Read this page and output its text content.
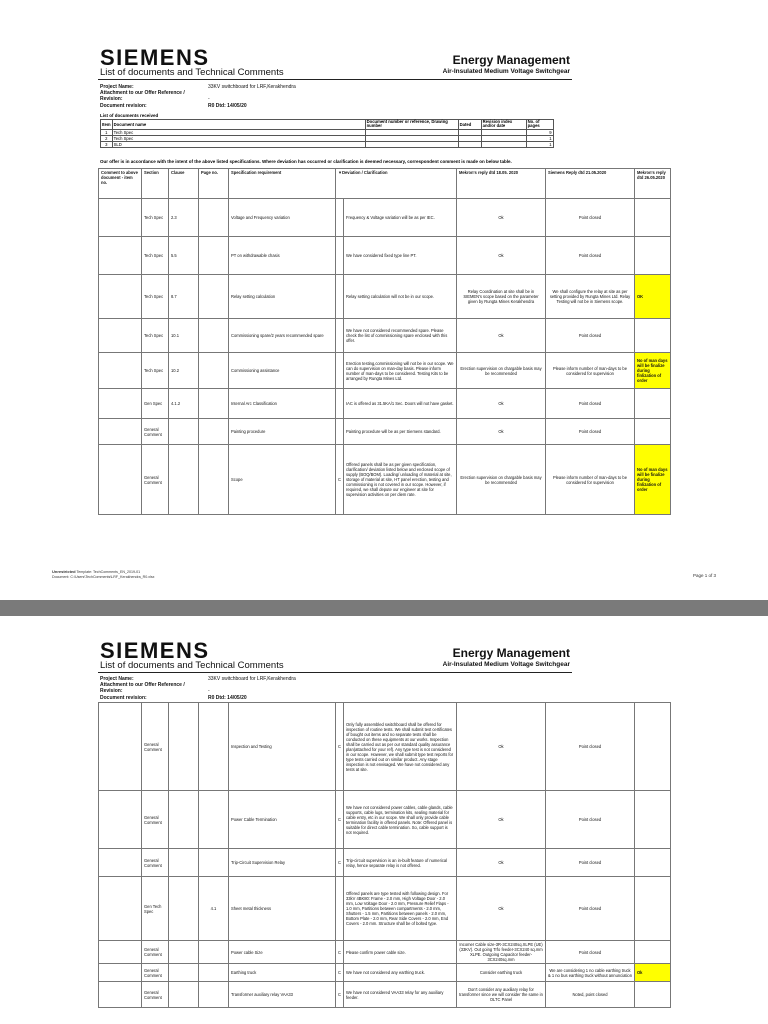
SIEMENS
List of documents and Technical Comments
Energy Management
Air-Insulated Medium Voltage Switchgear
Project Name:	33KV switchboard for LRF,Kerakhendra
Attachment to our Offer Reference / Revision:	-
Document revision:	R0 Dtd: 14/05/20
List of documents received
Item	Document name	Document number or reference, Drawing number	Dated	Revision index and/or date	No. of pages
1	Tech Spec				9
2	Tech Spec				1
3	SLD				1
Our offer is in accordance with the intent of the above listed specifications. Where deviation has occurred or clarification is deemed necessary, correspondent comment is made on below table.
Comment to above document - item no.	Section	Clause	Page no.	Specification requirement	▼Deviation / Clarification		Mekron's reply dtd 18.05. 2020	Siemens Reply dtd 21.05.2020	Mekron's reply dtd 26.05.2020
	Tech Spec	2.3		Voltage and Frequency variation		Frequency & Voltage variation will be as per IEC.	Ok	Point closed	
	Tech Spec	5.5		PT on withdrawable chasis		We have considered fixed type line PT.	Ok	Point closed	
	Tech Spec	8.7		Relay setting calculation		Relay setting calculation will not be in our scope.	Relay Coordination at site shall be in SIEMEN's scope based on the parameter given by Rungta Mines Kerakhendra	We shall configure the relay at site as per setting provided by Rungta Mines Ltd. Relay Testing will not be in Siemens scope.	OK
	Tech Spec	10.1		Commissioning spare/2 years recommended spare		We have not considered recommended spare. Please check the list of commissioning spare enclosed with this offer.	Ok	Point closed	
	Tech Spec	10.2		Commissioning assistance		Erection testing,commissioning will not be in our scope. We can do supervision on man-day basis. Please inform number of man-days to be considered. Testing Kits to be arranged by Rungta Mines Ltd.	Erection supervision on chargable basis may be recommended	Please inform number of man-days to be considered for supervision	No of man days will be finalize during finlization of order
	Gen Spec	4.1.2		Internal Arc Classification		IAC is offered as 31.5KA/1 Sec. Doors will not have gasket.	Ok	Point closed	
	General Comment			Painting procedure		Painting procedure will be as per Siemens standard.	Ok	Point closed	
	General Comment			Scope	C	Offered panels shall be as per given specification, clarification/ deviation listed below and enclosed scope of supply (BOQ/BOM). Loading/ unloading of material at site, storage of material at site, HT panel erection, testing and commissioning is not covered in our scope. However, if required, we shall depute our engineer at site for supervision activities on per diem rate.	Erection supervision on chargable basis may be recommended	Please inform number of man-days to be considered for supervision	No of man days will be finalize during finlization of order
Unrestricted Template: TechComments_EN_2019-01
Document: C:\Users\TechComments\LRF_Kerakhendra_R0.xlsx	Page 1 of 3
SIEMENS
List of documents and Technical Comments
Energy Management
Air-Insulated Medium Voltage Switchgear
Project Name:	33KV switchboard for LRF,Kerakhendra
Attachment to our Offer Reference / Revision:	-
Document revision:	R0 Dtd: 14/05/20
	General Comment			Inspection and Testing	C	Only fully assembled switchboard shall be offered for inspection of routine tests. We shall submit test certificates of bought out items and no separate tests shall be conducted on these equipments at our works. Inspection shall be carried out as per our standard quality assurance plan(attached for your ref). Any type test is not considered in our scope. However, we shall submit type test reports for type tests carried out on similar product. Any stage inspection is not envisaged. We have not considered any tests at site.	Ok	Point closed	
	General Comment			Power Cable Termination	C	We have not considered power cables, cable glands, cable supports, cable lugs, termination kits, sealing material for cable entry, etc in our scope. We shall only provide cable termination facility in offered panels. Note: Offered panel is suitable for direct cable termination. So, cable support is not required.	Ok	Point closed	
	General Comment			Trip-Circuit Supervision Relay	C	Trip-circuit supervision is an in-built feature of numerical relay, hence separate relay is not offered.	Ok	Point closed	
	Gen Tech Spec		4.1	Sheet metal thickness		Offered panels are type tested with following design. For 33kV 4BK80: Frame - 2.0 mm, High Voltage Door - 2.0 mm, Low Voltage Door - 2.0 mm, Pressure Relief Flaps - 1.0 mm, Partitions between compartments - 2.0 mm, Shutters - 1.5 mm, Partitions between panels - 2.0 mm, Bottom Plate - 2.0 mm, Rear Side Covers - 2.0 mm, End Covers - 2.0 mm. Structure shall be of bolted type.	Ok	Point closed	
	General Comment			Power cable Size	C	Please confirm power cable size.	Incomer Cable size-3R-3CX240sq.XLPE (UE) (33KV). Out going Trfo feeder-3CX240 sq.mm XLPE. Outgoing Capacitor feeder-3CX240sq.mm	Point closed	
	General Comment			Earthing truck	C	We have not considered any earthing truck.	Consider earthing truck	We are considering 1 no cable earthing truck & 1 no bus earthing truck without annunciation	Ok
	General Comment			Transformer auxiliary relay VAA33	C	We have not considered VAA33 relay for any auxiliary feeder.	Don't consider any auxiliary relay for transformer since we will consider the same in OLTC Panel	Noted, point closed	
